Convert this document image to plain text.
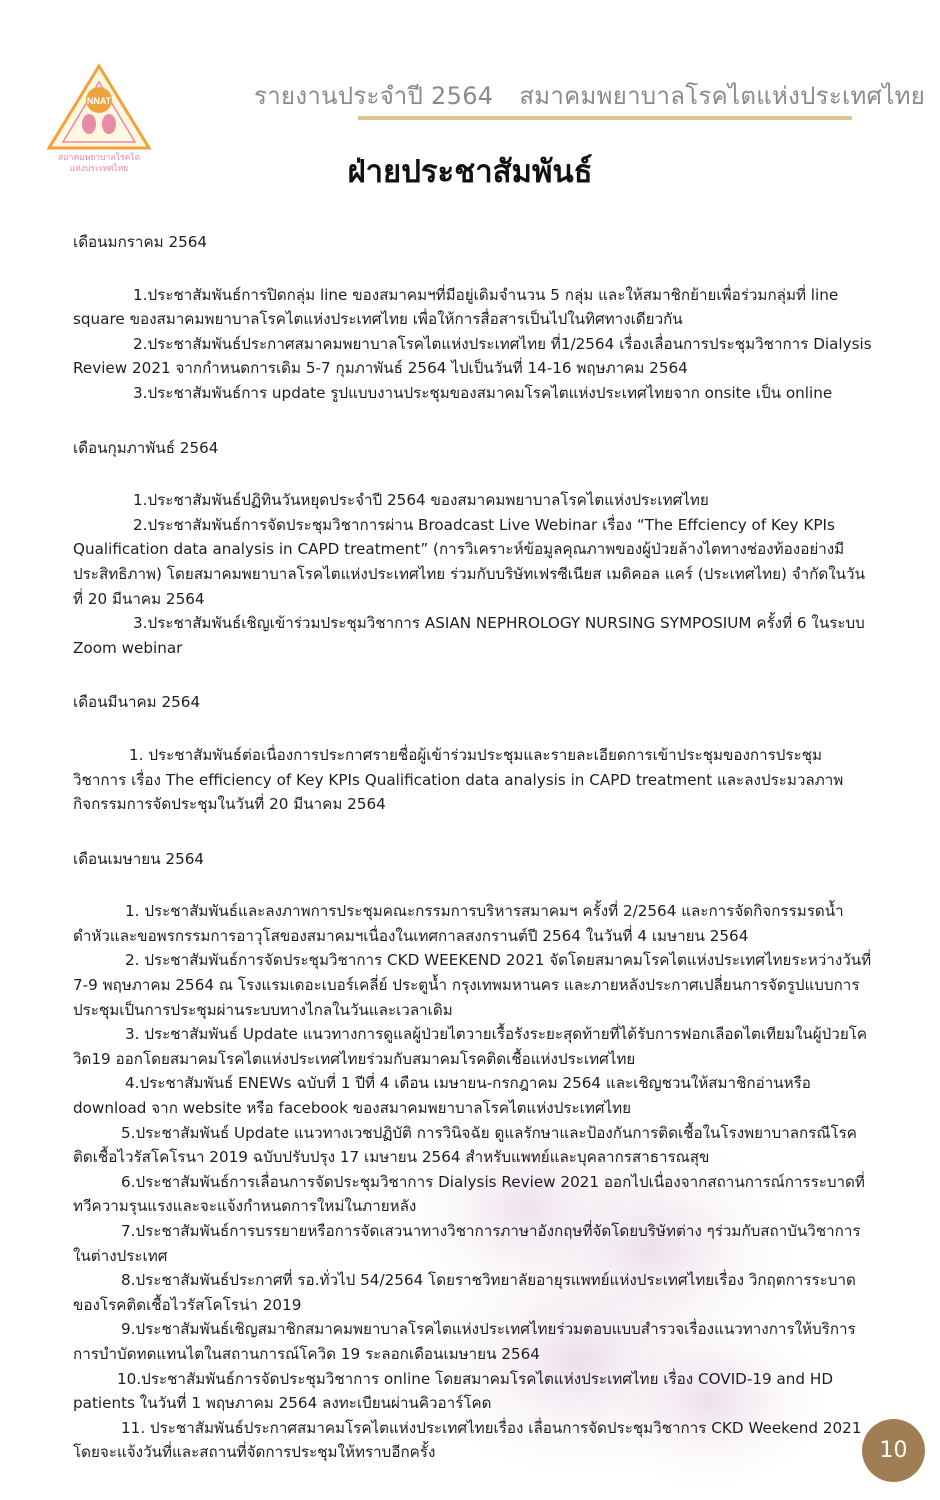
NNAT
สมาคมพยาบาลโรคไต
แห่งประเทศไทย
รายงานประจำปี 2564 สมาคมพยาบาลโรคไตแห่งประเทศไทย
ฝ่ายประชาสัมพันธ์
เดือนมกราคม 2564

1.ประชาสัมพันธ์การปิดกลุ่ม line ของสมาคมฯที่มีอยู่เดิมจำนวน 5 กลุ่ม และให้สมาชิกย้ายเพื่อร่วมกลุ่มที่ line square ของสมาคมพยาบาลโรคไตแห่งประเทศไทย เพื่อให้การสื่อสารเป็นไปในทิศทางเดียวกัน

2.ประชาสัมพันธ์ประกาศสมาคมพยาบาลโรคไตแห่งประเทศไทย ที่1/2564 เรื่องเลื่อนการประชุมวิชาการ Dialysis Review 2021 จากกำหนดการเดิม 5-7 กุมภาพันธ์ 2564 ไปเป็นวันที่ 14-16 พฤษภาคม 2564

3.ประชาสัมพันธ์การ update รูปแบบงานประชุมของสมาคมโรคไตแห่งประเทศไทยจาก onsite เป็น online

เดือนกุมภาพันธ์ 2564

1.ประชาสัมพันธ์ปฏิทินวันหยุดประจำปี 2564 ของสมาคมพยาบาลโรคไตแห่งประเทศไทย

2.ประชาสัมพันธ์การจัดประชุมวิชาการผ่าน Broadcast Live Webinar เรื่อง “The Effciency of Key KPIs Qualification data analysis in CAPD treatment” (การวิเคราะห์ข้อมูลคุณภาพของผู้ป่วยล้างไตทางช่องท้องอย่างมีประสิทธิภาพ) โดยสมาคมพยาบาลโรคไตแห่งประเทศไทย ร่วมกับบริษัทเฟรซีเนียส เมดิคอล แคร์ (ประเทศไทย) จำกัดในวันที่ 20 มีนาคม 2564

3.ประชาสัมพันธ์เชิญเข้าร่วมประชุมวิชาการ ASIAN NEPHROLOGY NURSING SYMPOSIUM ครั้งที่ 6 ในระบบ Zoom webinar

เดือนมีนาคม 2564

1. ประชาสัมพันธ์ต่อเนื่องการประกาศรายชื่อผู้เข้าร่วมประชุมและรายละเอียดการเข้าประชุมของการประชุมวิชาการ เรื่อง The efficiency of Key KPIs Qualification data analysis in CAPD treatment และลงประมวลภาพกิจกรรมการจัดประชุมในวันที่ 20 มีนาคม 2564

เดือนเมษายน 2564

1. ประชาสัมพันธ์และลงภาพการประชุมคณะกรรมการบริหารสมาคมฯ ครั้งที่ 2/2564 และการจัดกิจกรรมรดน้ำดำหัวและขอพรกรรมการอาวุโสของสมาคมฯเนื่องในเทศกาลสงกรานต์ปี 2564 ในวันที่ 4 เมษายน 2564

2. ประชาสัมพันธ์การจัดประชุมวิชาการ CKD WEEKEND 2021 จัดโดยสมาคมโรคไตแห่งประเทศไทยระหว่างวันที่ 7-9 พฤษภาคม 2564 ณ โรงแรมเดอะเบอร์เคลี่ย์ ประตูน้ำ กรุงเทพมหานคร และภายหลังประกาศเปลี่ยนการจัดรูปแบบการประชุมเป็นการประชุมผ่านระบบทางไกลในวันและเวลาเดิม

3. ประชาสัมพันธ์ Update แนวทางการดูแลผู้ป่วยไตวายเรื้อรังระยะสุดท้ายที่ได้รับการฟอกเลือดไตเทียมในผู้ป่วยโควิด19 ออกโดยสมาคมโรคไตแห่งประเทศไทยร่วมกับสมาคมโรคติดเชื้อแห่งประเทศไทย

4.ประชาสัมพันธ์ ENEWs ฉบับที่ 1 ปีที่ 4 เดือน เมษายน-กรกฎาคม 2564 และเชิญชวนให้สมาชิกอ่านหรือ download จาก website หรือ facebook ของสมาคมพยาบาลโรคไตแห่งประเทศไทย

5.ประชาสัมพันธ์ Update แนวทางเวชปฏิบัติ การวินิจฉัย ดูแลรักษาและป้องกันการติดเชื้อในโรงพยาบาลกรณีโรคติดเชื้อไวรัสโคโรนา 2019 ฉบับปรับปรุง 17 เมษายน 2564 สำหรับแพทย์และบุคลากรสาธารณสุข

6.ประชาสัมพันธ์การเลื่อนการจัดประชุมวิชาการ Dialysis Review 2021 ออกไปเนื่องจากสถานการณ์การระบาดที่ทวีความรุนแรงและจะแจ้งกำหนดการใหม่ในภายหลัง

7.ประชาสัมพันธ์การบรรยายหรือการจัดเสวนาทางวิชาการภาษาอังกฤษที่จัดโดยบริษัทต่าง ๆร่วมกับสถาบันวิชาการในต่างประเทศ

8.ประชาสัมพันธ์ประกาศที่ รอ.ทั่วไป 54/2564 โดยราชวิทยาลัยอายุรแพทย์แห่งประเทศไทยเรื่อง วิกฤตการระบาดของโรคติดเชื้อไวรัสโคโรน่า 2019

9.ประชาสัมพันธ์เชิญสมาชิกสมาคมพยาบาลโรคไตแห่งประเทศไทยร่วมตอบแบบสำรวจเรื่องแนวทางการให้บริการการบำบัดทดแทนไตในสถานการณ์โควิด 19 ระลอกเดือนเมษายน 2564

10.ประชาสัมพันธ์การจัดประชุมวิชาการ online โดยสมาคมโรคไตแห่งประเทศไทย เรื่อง COVID-19 and HD patients ในวันที่ 1 พฤษภาคม 2564 ลงทะเบียนผ่านคิวอาร์โคด

11. ประชาสัมพันธ์ประกาศสมาคมโรคไตแห่งประเทศไทยเรื่อง เลื่อนการจัดประชุมวิชาการ CKD Weekend 2021 โดยจะแจ้งวันที่และสถานที่จัดการประชุมให้ทราบอีกครั้ง	10
